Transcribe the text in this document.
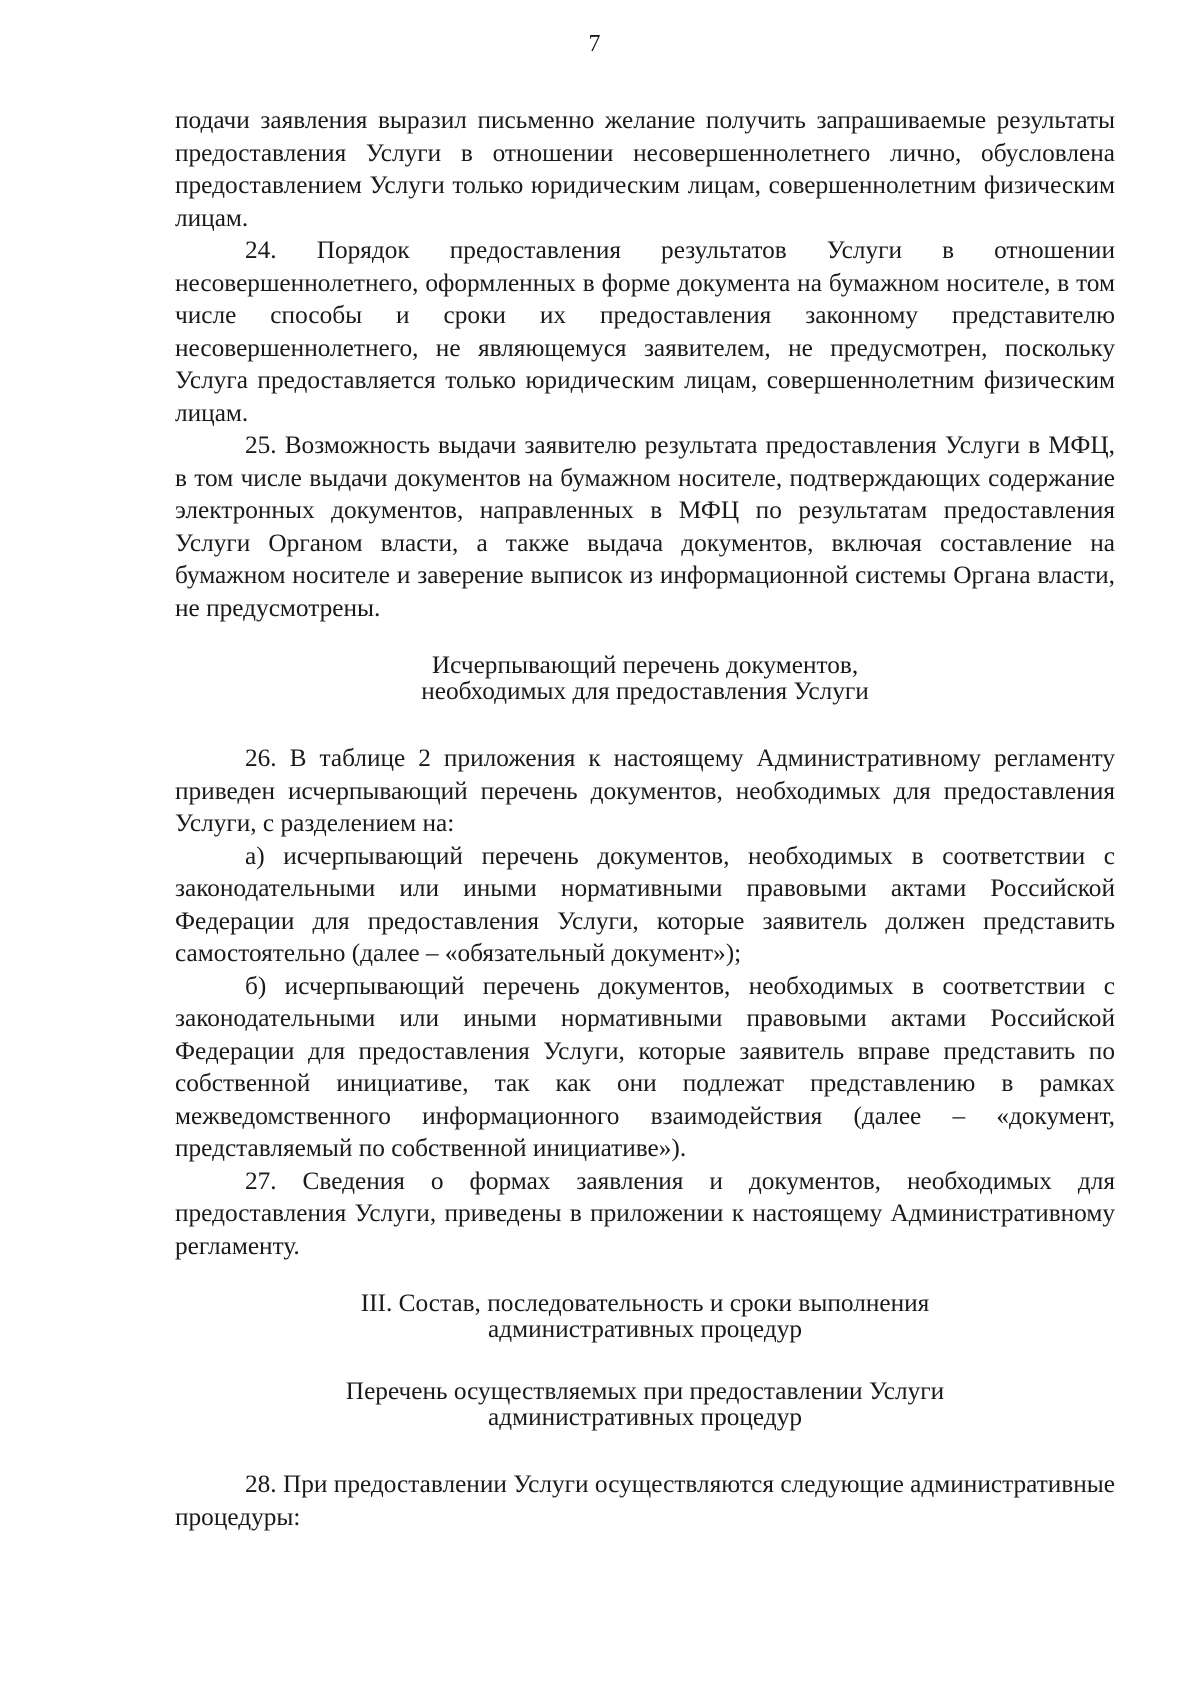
7

подачи заявления выразил письменно желание получить запрашиваемые результаты предоставления Услуги в отношении несовершеннолетнего лично, обусловлена предоставлением Услуги только юридическим лицам, совершеннолетним физическим лицам.

24. Порядок предоставления результатов Услуги в отношении несовершеннолетнего, оформленных в форме документа на бумажном носителе, в том числе способы и сроки их предоставления законному представителю несовершеннолетнего, не являющемуся заявителем, не предусмотрен, поскольку Услуга предоставляется только юридическим лицам, совершеннолетним физическим лицам.

25. Возможность выдачи заявителю результата предоставления Услуги в МФЦ, в том числе выдачи документов на бумажном носителе, подтверждающих содержание электронных документов, направленных в МФЦ по результатам предоставления Услуги Органом власти, а также выдача документов, включая составление на бумажном носителе и заверение выписок из информационной системы Органа власти, не предусмотрены.

Исчерпывающий перечень документов,
необходимых для предоставления Услуги

26. В таблице 2 приложения к настоящему Административному регламенту приведен исчерпывающий перечень документов, необходимых для предоставления Услуги, с разделением на:

а) исчерпывающий перечень документов, необходимых в соответствии с законодательными или иными нормативными правовыми актами Российской Федерации для предоставления Услуги, которые заявитель должен представить самостоятельно (далее – «обязательный документ»);

б) исчерпывающий перечень документов, необходимых в соответствии с законодательными или иными нормативными правовыми актами Российской Федерации для предоставления Услуги, которые заявитель вправе представить по собственной инициативе, так как они подлежат представлению в рамках межведомственного информационного взаимодействия (далее – «документ, представляемый по собственной инициативе»).

27. Сведения о формах заявления и документов, необходимых для предоставления Услуги, приведены в приложении к настоящему Административному регламенту.

III. Состав, последовательность и сроки выполнения
административных процедур
Перечень осуществляемых при предоставлении Услуги
административных процедур

28. При предоставлении Услуги осуществляются следующие административные процедуры:
